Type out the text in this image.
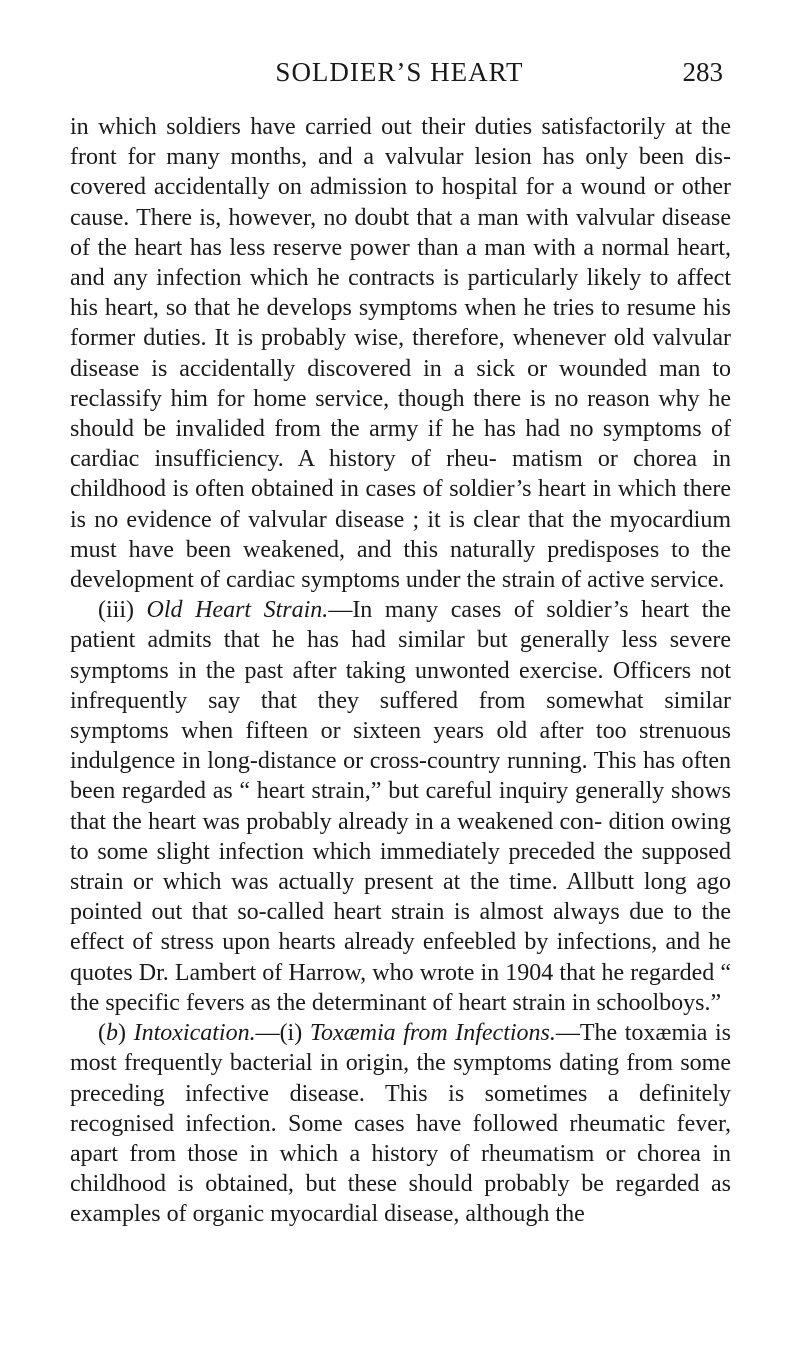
SOLDIER’S HEART	283

in which soldiers have carried out their duties satisfactorily at the front for many months, and a valvular lesion has only been dis- covered accidentally on admission to hospital for a wound or other cause. There is, however, no doubt that a man with valvular disease of the heart has less reserve power than a man with a normal heart, and any infection which he contracts is particularly likely to affect his heart, so that he develops symptoms when he tries to resume his former duties. It is probably wise, therefore, whenever old valvular disease is accidentally discovered in a sick or wounded man to reclassify him for home service, though there is no reason why he should be invalided from the army if he has had no symptoms of cardiac insufficiency. A history of rheu- matism or chorea in childhood is often obtained in cases of soldier’s heart in which there is no evidence of valvular disease ; it is clear that the myocardium must have been weakened, and this naturally predisposes to the development of cardiac symptoms under the strain of active service.

(iii) Old Heart Strain.—In many cases of soldier’s heart the patient admits that he has had similar but generally less severe symptoms in the past after taking unwonted exercise. Officers not infrequently say that they suffered from somewhat similar symptoms when fifteen or sixteen years old after too strenuous indulgence in long-distance or cross-country running. This has often been regarded as “ heart strain,” but careful inquiry generally shows that the heart was probably already in a weakened con- dition owing to some slight infection which immediately preceded the supposed strain or which was actually present at the time. Allbutt long ago pointed out that so-called heart strain is almost always due to the effect of stress upon hearts already enfeebled by infections, and he quotes Dr. Lambert of Harrow, who wrote in 1904 that he regarded “ the specific fevers as the determinant of heart strain in schoolboys.”

(b) Intoxication.—(i) Toxæmia from Infections.—The toxæmia is most frequently bacterial in origin, the symptoms dating from some preceding infective disease. This is sometimes a definitely recognised infection. Some cases have followed rheumatic fever, apart from those in which a history of rheumatism or chorea in childhood is obtained, but these should probably be regarded as examples of organic myocardial disease, although the
